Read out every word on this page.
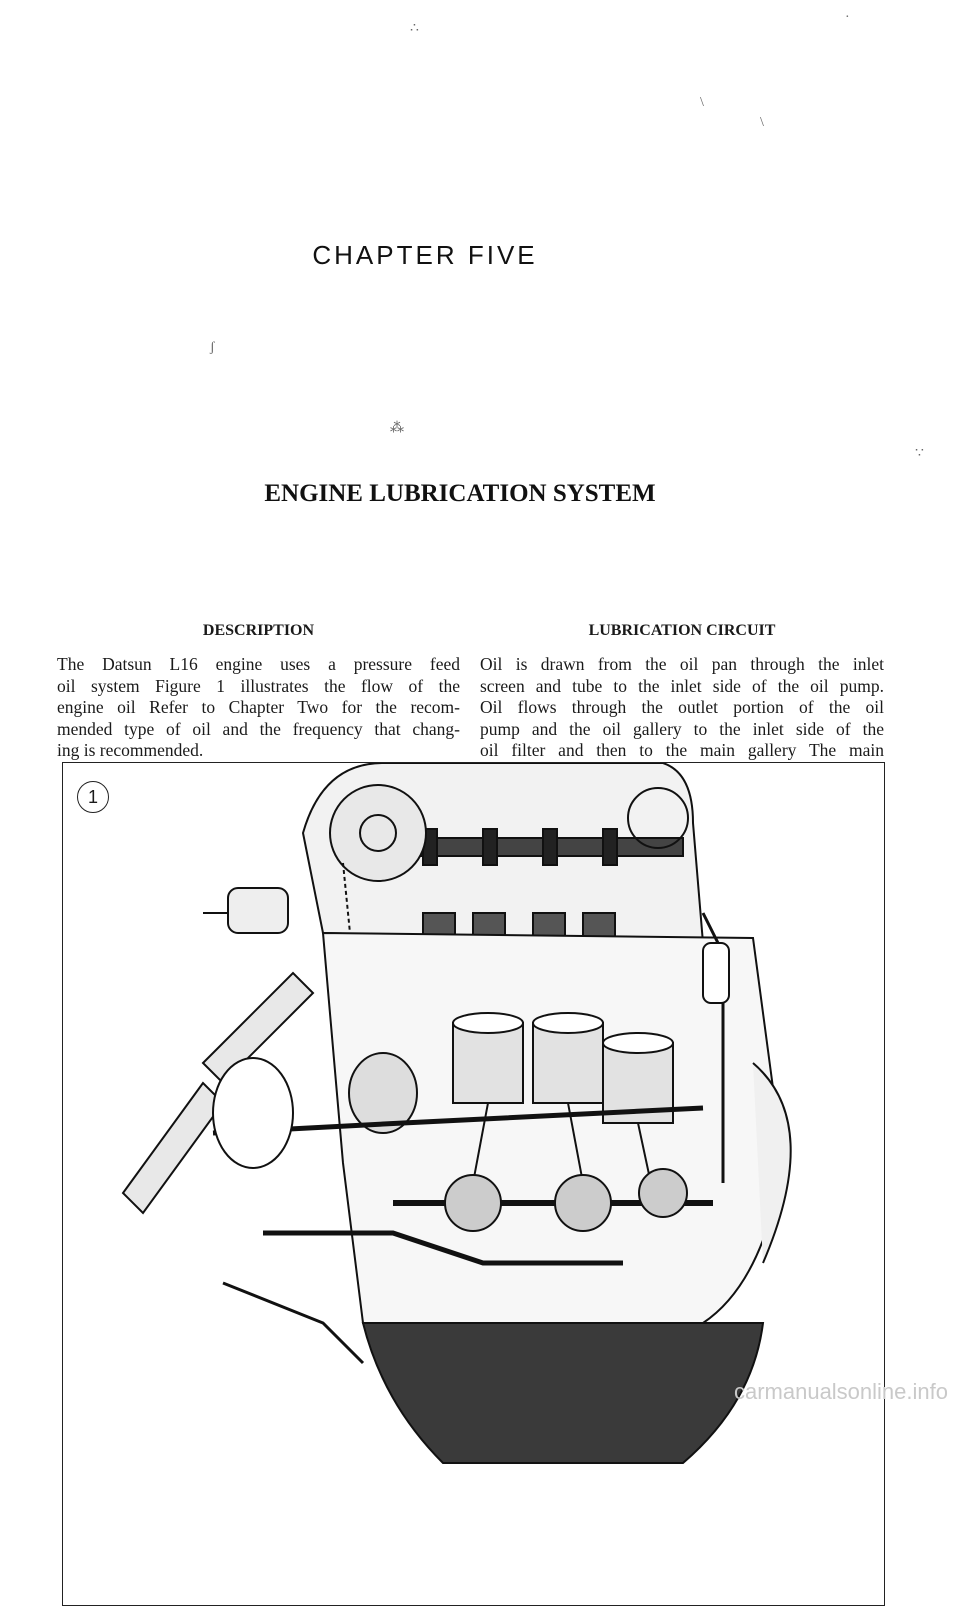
∴
·
\
\
ʃ
⁂
∵
CHAPTER FIVE
ENGINE LUBRICATION SYSTEM
DESCRIPTION
The Datsun L16 engine uses a pressure feed
oil system Figure 1 illustrates the flow of the
engine oil Refer to Chapter Two for the recom-
mended type of oil and the frequency that chang-
ing is recommended.
LUBRICATION CIRCUIT
Oil is drawn from the oil pan through the inlet
screen and tube to the inlet side of the oil pump.
Oil flows through the outlet portion of the oil
pump and the oil gallery to the inlet side of the
oil filter and then to the main gallery The main
1
carmanualsonline.info
